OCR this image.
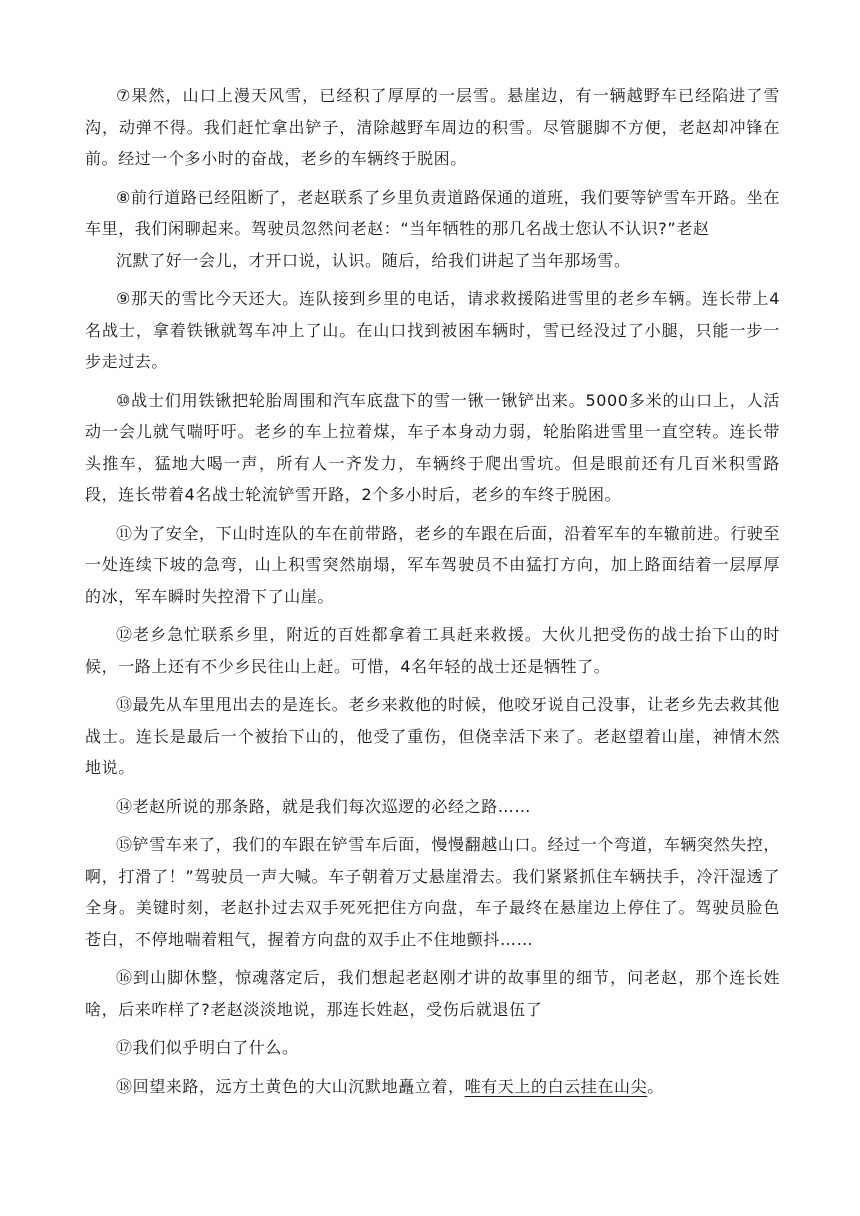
⑦果然，山口上漫天风雪，已经积了厚厚的一层雪。悬崖边，有一辆越野车已经陷进了雪沟，动弹不得。我们赶忙拿出铲子，清除越野车周边的积雪。尽管腿脚不方便，老赵却冲锋在前。经过一个多小时的奋战，老乡的车辆终于脱困。

⑧前行道路已经阻断了，老赵联系了乡里负责道路保通的道班，我们要等铲雪车开路。坐在车里，我们闲聊起来。驾驶员忽然问老赵：“当年牺牲的那几名战士您认不认识?”老赵

沉默了好一会儿，才开口说，认识。随后，给我们讲起了当年那场雪。

⑨那天的雪比今天还大。连队接到乡里的电话，请求救援陷进雪里的老乡车辆。连长带上4名战士，拿着铁锹就驾车冲上了山。在山口找到被困车辆时，雪已经没过了小腿，只能一步一步走过去。

⑩战士们用铁锹把轮胎周围和汽车底盘下的雪一锹一锹铲出来。5000多米的山口上，人活动一会儿就气喘吁吁。老乡的车上拉着煤，车子本身动力弱，轮胎陷进雪里一直空转。连长带头推车，猛地大喝一声，所有人一齐发力，车辆终于爬出雪坑。但是眼前还有几百米积雪路段，连长带着4名战士轮流铲雪开路，2个多小时后，老乡的车终于脱困。

⑪为了安全，下山时连队的车在前带路，老乡的车跟在后面，沿着军车的车辙前进。行驶至一处连续下坡的急弯，山上积雪突然崩塌，军车驾驶员不由猛打方向，加上路面结着一层厚厚的冰，军车瞬时失控滑下了山崖。

⑫老乡急忙联系乡里，附近的百姓都拿着工具赶来救援。大伙儿把受伤的战士抬下山的时候，一路上还有不少乡民往山上赶。可惜，4名年轻的战士还是牺牲了。

⑬最先从车里甩出去的是连长。老乡来救他的时候，他咬牙说自己没事，让老乡先去救其他战士。连长是最后一个被抬下山的，他受了重伤，但侥幸活下来了。老赵望着山崖，神情木然地说。

⑭老赵所说的那条路，就是我们每次巡逻的必经之路……

⑮铲雪车来了，我们的车跟在铲雪车后面，慢慢翻越山口。经过一个弯道，车辆突然失控，啊，打滑了！”驾驶员一声大喊。车子朝着万丈悬崖滑去。我们紧紧抓住车辆扶手，冷汗湿透了全身。美键时刻，老赵扑过去双手死死把住方向盘，车子最终在悬崖边上停住了。驾驶员脸色苍白，不停地喘着粗气，握着方向盘的双手止不住地颤抖……

⑯到山脚休整，惊魂落定后，我们想起老赵刚才讲的故事里的细节，问老赵，那个连长姓啥，后来咋样了?老赵淡淡地说，那连长姓赵，受伤后就退伍了

⑰我们似乎明白了什么。

⑱回望来路，远方土黄色的大山沉默地矗立着，唯有天上的白云挂在山尖。
